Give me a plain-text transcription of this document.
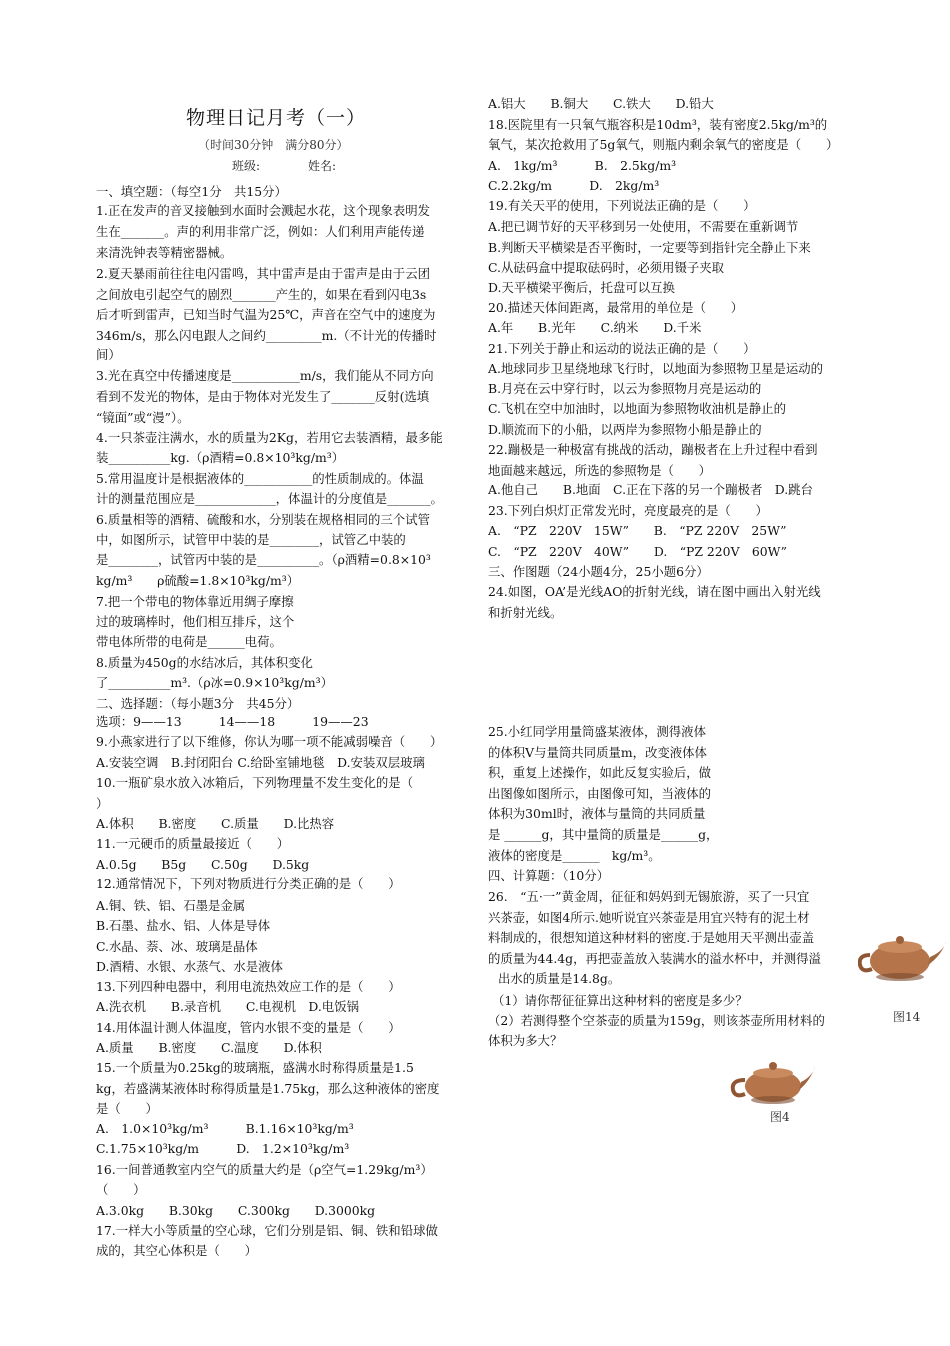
物理日记月考（一）
（时间30分钟　满分80分）
班级:　　　　姓名:
一、填空题：（每空1分　共15分）
1.正在发声的音叉接触到水面时会溅起水花，这个现象表明发
生在_______。声的利用非常广泛，例如：人们利用声能传递
来清洗钟表等精密器械。
2.夏天暴雨前往往电闪雷鸣，其中雷声是由于雷声是由于云团
之间放电引起空气的剧烈_______产生的，如果在看到闪电3s
后才听到雷声，已知当时气温为25℃，声音在空气中的速度为
346m/s，那么闪电跟人之间约_________m.（不计光的传播时
间）
3.光在真空中传播速度是___________m/s，我们能从不同方向
看到不发光的物体，是由于物体对光发生了_______反射(选填
“镜面”或“漫”）。
4.一只茶壶注满水，水的质量为2Kg，若用它去装酒精，最多能
装__________kg.（ρ酒精=0.8×10³kg/m³）
5.常用温度计是根据液体的___________的性质制成的。体温
计的测量范围应是_____________，体温计的分度值是_______。
6.质量相等的酒精、硫酸和水，分别装在规格相同的三个试管
中，如图所示，试管甲中装的是________，试管乙中装的
是________，试管丙中装的是__________。（ρ酒精=0.8×10³
kg/m³　　ρ硫酸=1.8×10³kg/m³）
7.把一个带电的物体靠近用绸子摩擦
过的玻璃棒时，他们相互排斥，这个
带电体所带的电荷是______电荷。
8.质量为450g的水结冰后，其体积变化
了__________m³.（ρ冰=0.9×10³kg/m³）
二、选择题：（每小题3分　共45分）
选项：9——13　　　14——18　　　19——23
9.小燕家进行了以下维修，你认为哪一项不能减弱噪音（　　）
A.安装空调　B.封闭阳台 C.给卧室铺地毯　D.安装双层玻璃
10.一瓶矿泉水放入冰箱后，下列物理量不发生变化的是（
）
A.体积　　B.密度　　C.质量　　D.比热容
11.一元硬币的质量最接近（　　）
A.0.5g　　B5g　　C.50g　　D.5kg
12.通常情况下，下列对物质进行分类正确的是（　　）
A.铜、铁、铝、石墨是金属
B.石墨、盐水、铝、人体是导体
C.水晶、萘、冰、玻璃是晶体
D.酒精、水银、水蒸气、水是液体
13.下列四种电器中，利用电流热效应工作的是（　　）
A.洗衣机　　B.录音机　　C.电视机　D.电饭锅
14.用体温计测人体温度，管内水银不变的量是（　　）
A.质量　　B.密度　　C.温度　　D.体积
15.一个质量为0.25kg的玻璃瓶，盛满水时称得质量是1.5
kg，若盛满某液体时称得质量是1.75kg，那么这种液体的密度
是（　　）
A.　1.0×10³kg/m³　　　B.1.16×10³kg/m³
C.1.75×10³kg/m　　　D.　1.2×10³kg/m³
16.一间普通教室内空气的质量大约是（ρ空气=1.29kg/m³）
（　　）
A.3.0kg　　B.30kg　　C.300kg　　D.3000kg
17.一样大小等质量的空心球，它们分别是铝、铜、铁和铅球做
成的，其空心体积是（　　）
A.铝大　　B.铜大　　C.铁大　　D.铅大
18.医院里有一只氧气瓶容积是10dm³，装有密度2.5kg/m³的
氧气，某次抢救用了5g氧气，则瓶内剩余氧气的密度是（　　）
A.　1kg/m³　　　B.　2.5kg/m³
C.2.2kg/m　　　D.　2kg/m³
19.有关天平的使用，下列说法正确的是（　　）
A.把已调节好的天平移到另一处使用，不需要在重新调节
B.判断天平横梁是否平衡时，一定要等到指针完全静止下来
C.从砝码盒中提取砝码时，必须用镊子夹取
D.天平横梁平衡后，托盘可以互换
20.描述天体间距离，最常用的单位是（　　）
A.年　　B.光年　　C.纳米　　D.千米
21.下列关于静止和运动的说法正确的是（　　）
A.地球同步卫星绕地球飞行时，以地面为参照物卫星是运动的
B.月亮在云中穿行时，以云为参照物月亮是运动的
C.飞机在空中加油时，以地面为参照物收油机是静止的
D.顺流而下的小船，以两岸为参照物小船是静止的
22.蹦极是一种极富有挑战的活动，蹦极者在上升过程中看到
地面越来越远，所选的参照物是（　　）
A.他自己　　B.地面　C.正在下落的另一个蹦极者　D.跳台
23.下列白炽灯正常发光时，亮度最亮的是（　　）
A.　“PZ　220V　15W”　　B.　“PZ 220V　25W”
C.　“PZ　220V　40W”　　D.　“PZ 220V　60W”
三、作图题（24小题4分，25小题6分）
24.如图，OA’是光线AO的折射光线，请在图中画出入射光线
和折射光线。
25.小红同学用量筒盛某液体，测得液体
的体积V与量筒共同质量m，改变液体体
积，重复上述操作，如此反复实验后，做
出图像如图所示，由图像可知，当液体的
体积为30ml时，液体与量筒的共同质量
是 ______g，其中量筒的质量是______g，
液体的密度是______　kg/m³。
四、计算题：（10分）
26.　“五·一”黄金周，征征和妈妈到无锡旅游，买了一只宜
兴茶壶，如图4所示.她听说宜兴茶壶是用宜兴特有的泥土材
料制成的，很想知道这种材料的密度.于是她用天平测出壶盖
的质量为44.4g，再把壶盖放入装满水的溢水杯中，并测得溢
出水的质量是14.8g。
（1）请你帮征征算出这种材料的密度是多少？
（2）若测得整个空茶壶的质量为159g，则该茶壶所用材料的
体积为多大？
图14
图4
